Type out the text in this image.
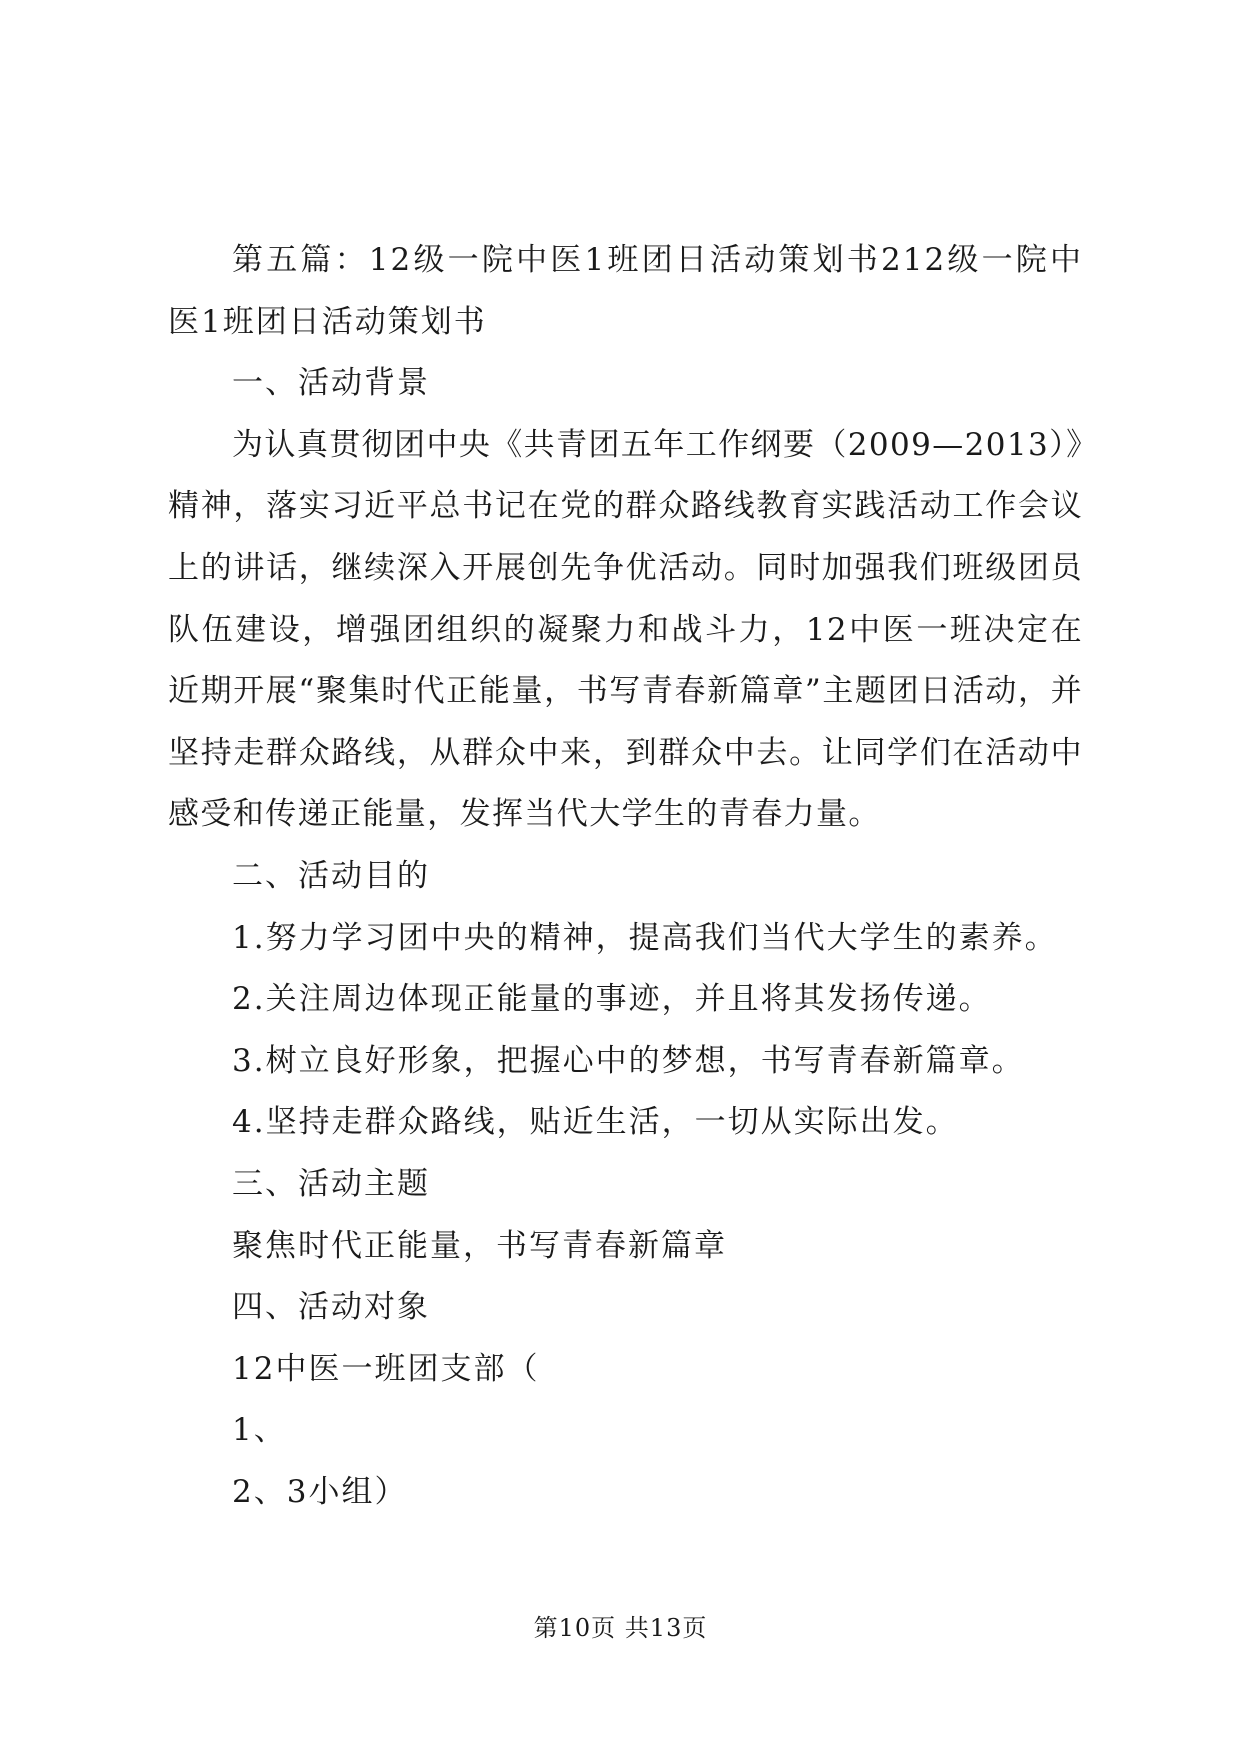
第五篇：12级一院中医1班团日活动策划书212级一院中医1班团日活动策划书

一、活动背景

为认真贯彻团中央《共青团五年工作纲要（2009—2013）》精神，落实习近平总书记在党的群众路线教育实践活动工作会议上的讲话，继续深入开展创先争优活动。同时加强我们班级团员队伍建设，增强团组织的凝聚力和战斗力，12中医一班决定在近期开展“聚集时代正能量，书写青春新篇章”主题团日活动，并坚持走群众路线，从群众中来，到群众中去。让同学们在活动中感受和传递正能量，发挥当代大学生的青春力量。

二、活动目的

1.努力学习团中央的精神，提高我们当代大学生的素养。

2.关注周边体现正能量的事迹，并且将其发扬传递。

3.树立良好形象，把握心中的梦想，书写青春新篇章。

4.坚持走群众路线，贴近生活，一切从实际出发。

三、活动主题

聚焦时代正能量，书写青春新篇章

四、活动对象

12中医一班团支部（

1、

2、3小组）

第10页 共13页
